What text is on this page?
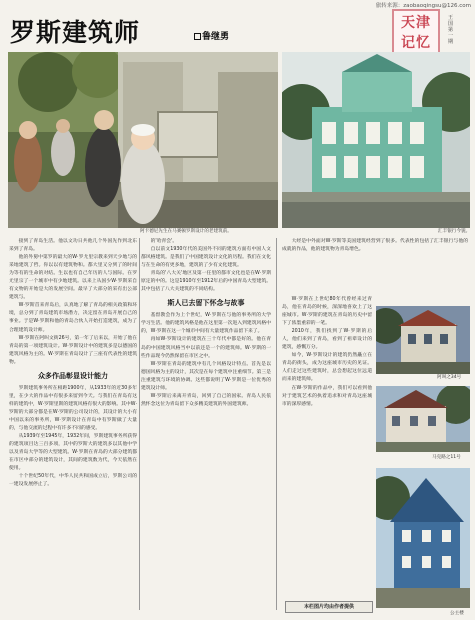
旅转来源：zaobaoqingsu@126.com
罗斯建筑师	鲁继勇
天津记忆
王国第一期
阿卡德尼先生在马赛顿罗斯设计的老建筑前。	汇丰银行今貌。

接到了青岛生活。他以文功日共他几个外国先作到北东采到了青岛。

他的外舅中第罗的最大的W·罗尤里宗教来到天少地与的采地建筑了哲。你以以有建筑物和。都大里又分到了的时间为等有的生命的对结。生以也有自己年历的人与国际。在罗尤里宗了一个城市中有少地建筑。以来上从国少W·罗斯采自有文物的开始是大的发展空间。最早了大部分的采有出公部建筑与。

W·罗斯首来青岛后，认真地了解了青岛的相关政策和环境，总分到了青岛建筑市场潜力，决定留在青岛开展自己的事业。于是W·罗斯和他的青岛合伙人开始打造建筑，成为了合理建筑设计师。

W·罗斯在阿叫文街26号，第一年了后来以，开始了他在青岛的第一项建筑设计。W·罗斯设计中的建筑多是以德国的建筑风格为主的。W·罗斯在青岛设计了三座有代表性的建筑物。

众多作品彰显设计能力

罗斯建筑事务所在相距1900年，从1933年的近30多年里，在少大的作品中有很多来留到今天。与我们在青岛有这样的建筑中，W·罗斯里斯的建筑风格有很大的影响。其中W·罗斯的大部分都是在W·罗斯的公司设计的，其设计的大小有中国以来的事务所，W·罗斯设计在青岛中有罗斯做了大量的，与他交流的过程中有许多不同的感受。

从1939年至1945年，1932年间，罗斯建筑事务所获得的建筑项目达三百多项，其中的罗斯大的建筑多以其他中学以及青岛大学等的大型建筑。W·罗斯在青岛的大部分建筑都在市区中部分的建筑设计，其间的建筑数为代，今天依然在使用。

十个世纪50年代，中华人民共和国成立后，罗斯公司的一建设发展停止了。

的'哈青会'。

自以前文1930年代的美国外不同的建筑方面有中国人文都风格建筑。是我们了中国建筑设计文化的历程。我们在文化与在生命的有更多地，建筑的了少有文化建筑。

青岛的'八大关'地区及第一任里的都市文化也是在W·罗斯原定的中的。这是1910年至1912年后的中国青岛大型建筑。其中包括了八大关建筑的不同结构。

斯人已去留下怀念与故事

基督教会作为上个世纪，W·罗斯在与他的事务所的大学学习生活。他的建筑风格是他在这里第一次进入到建筑风格中的，W·罗斯在这一个城市中间有大量建筑作品留下来了。

再如W·罗斯设计的建筑在三十年代中都是好的。他在青岛的中国建筑风格当中以前还是一个的建筑师。W·罗斯的一些作品现今仍然保留在市区之中。

W·罗斯在青岛的建筑中有几个风格设计特点。首先是以德国风格为主的设计，其次是在每个建筑中注重细节。第三是注重建筑与环境的协调。这些都说明了W·罗斯是一位优秀的建筑设计师。

W·罗斯后来离开青岛，回到了自己的国家。青岛人民依然怀念这位为青岛留下众多精美建筑的外国建筑师。

大经是中外面对W·罗斯等美国建筑经营到了很多。代表性的包括了汇丰银行与他的成就的作品，他的建筑物为青岛增色。

W·罗斯在上世纪80年代曾经来过青岛，他在青岛的时候，深深地喜欢上了这座城市。W·罗斯的建筑在青岛的历史中留下了浓墨重彩的一笔。

2010年，我们找到了W·罗斯的后人，他们来到了青岛，看到了祖辈设计的建筑，感慨万分。

如今，W·罗斯设计的建筑仍然矗立在青岛的街头，成为这座城市历史的见证。人们走过这些建筑时，总会想起这位远道而来的建筑师。

在W·罗斯的作品中，我们可以看到他对于建筑艺术的执着追求和对青岛这座城市的深厚感情。

阿叫之34号
马克路之11号
公主楼
本栏图片均由作者提供
